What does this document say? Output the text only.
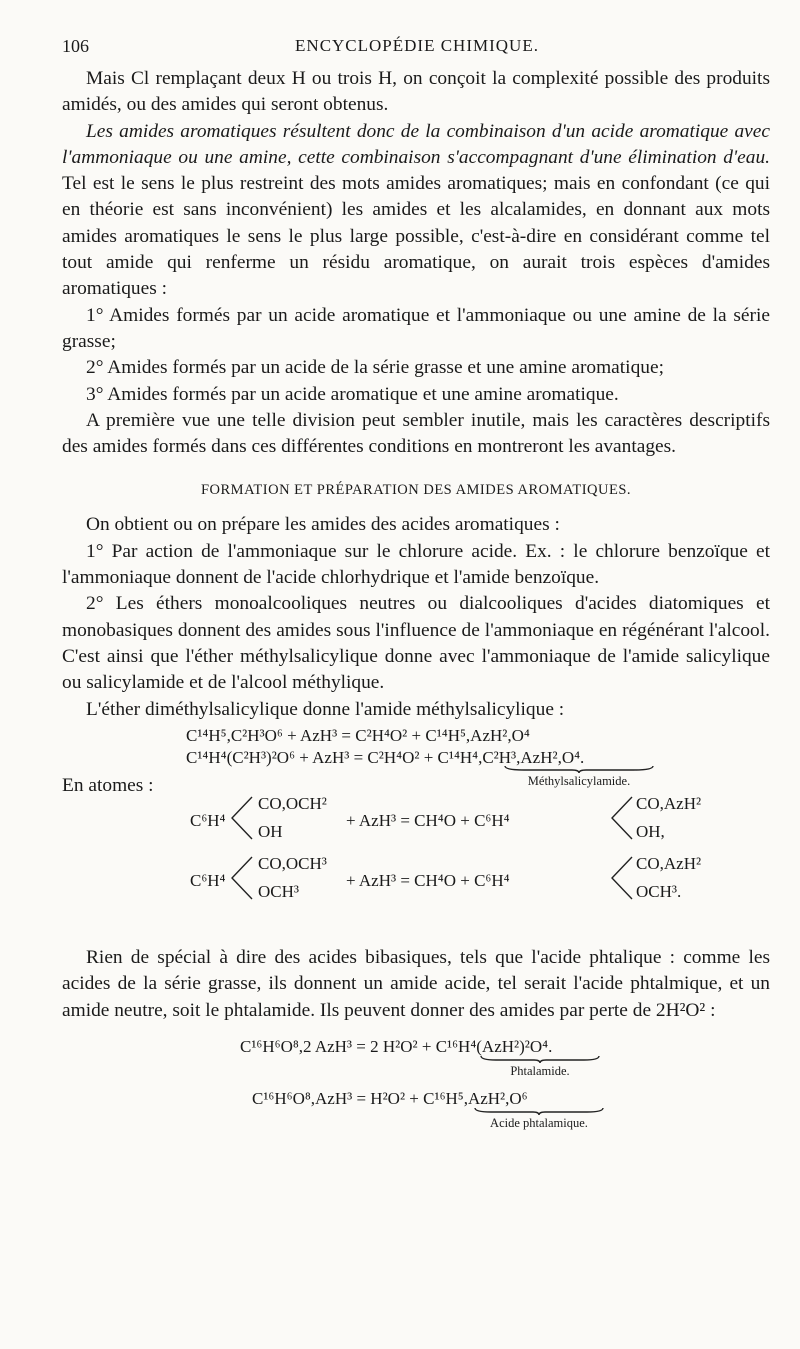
106	ENCYCLOPÉDIE CHIMIQUE.

Mais Cl remplaçant deux H ou trois H, on conçoit la complexité possible des produits amidés, ou des amides qui seront obtenus.

Les amides aromatiques résultent donc de la combinaison d'un acide aromatique avec l'ammoniaque ou une amine, cette combinaison s'accompagnant d'une élimination d'eau. Tel est le sens le plus restreint des mots amides aromatiques; mais en confondant (ce qui en théorie est sans inconvénient) les amides et les alcalamides, en donnant aux mots amides aromatiques le sens le plus large possible, c'est-à-dire en considérant comme tel tout amide qui renferme un résidu aromatique, on aurait trois espèces d'amides aromatiques :

1° Amides formés par un acide aromatique et l'ammoniaque ou une amine de la série grasse;

2° Amides formés par un acide de la série grasse et une amine aromatique;

3° Amides formés par un acide aromatique et une amine aromatique.

A première vue une telle division peut sembler inutile, mais les caractères descriptifs des amides formés dans ces différentes conditions en montreront les avantages.

FORMATION ET PRÉPARATION DES AMIDES AROMATIQUES.

On obtient ou on prépare les amides des acides aromatiques :

1° Par action de l'ammoniaque sur le chlorure acide. Ex. : le chlorure benzoïque et l'ammoniaque donnent de l'acide chlorhydrique et l'amide benzoïque.

2° Les éthers monoalcooliques neutres ou dialcooliques d'acides diatomiques et monobasiques donnent des amides sous l'influence de l'ammoniaque en régénérant l'alcool. C'est ainsi que l'éther méthylsalicylique donne avec l'ammoniaque de l'amide salicylique ou salicylamide et de l'alcool méthylique.

L'éther diméthylsalicylique donne l'amide méthylsalicylique :

C¹⁴H⁵,C²H³O⁶ + AzH³ = C²H⁴O² + C¹⁴H⁵,AzH²,O⁴
C¹⁴H⁴(C²H³)²O⁶ + AzH³ = C²H⁴O² + C¹⁴H⁴,C²H³,AzH²,O⁴.
Méthylsalicylamide.
En atomes :
C⁶H⁴
CO,OCH²
OH
+ AzH³ = CH⁴O + C⁶H⁴
CO,AzH²
OH,
C⁶H⁴
CO,OCH³
OCH³
+ AzH³ = CH⁴O + C⁶H⁴
CO,AzH²
OCH³.

Rien de spécial à dire des acides bibasiques, tels que l'acide phtalique : comme les acides de la série grasse, ils donnent un amide acide, tel serait l'acide phtalmique, et un amide neutre, soit le phtalamide. Ils peuvent donner des amides par perte de 2H²O² :

C¹⁶H⁶O⁸,2 AzH³ = 2 H²O² + C¹⁶H⁴(AzH²)²O⁴.
Phtalamide.
C¹⁶H⁶O⁸,AzH³ = H²O² + C¹⁶H⁵,AzH²,O⁶
Acide phtalamique.
